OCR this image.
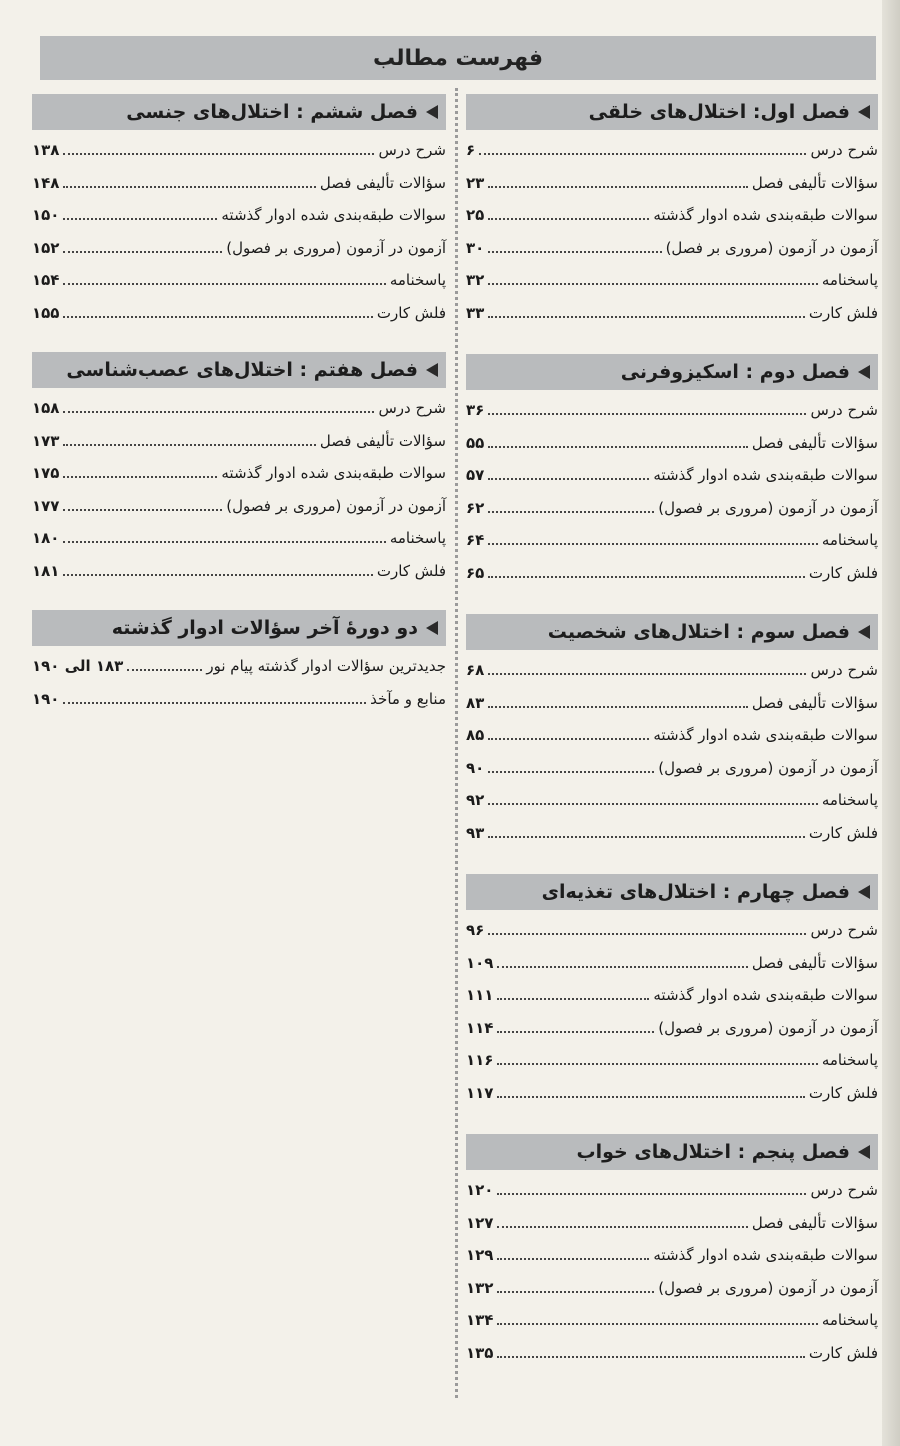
فهرست مطالب
فصل اول: اختلال‌های خلقی
شرح درس
۶
سؤالات تألیفی فصل
۲۳
سوالات طبقه‌بندی شده ادوار گذشته
۲۵
آزمون در آزمون (مروری بر فصل)
۳۰
پاسخنامه
۳۲
فلش کارت
۳۳
فصل دوم : اسکیزوفرنی
شرح درس
۳۶
سؤالات تألیفی فصل
۵۵
سوالات طبقه‌بندی شده ادوار گذشته
۵۷
آزمون در آزمون (مروری بر فصول)
۶۲
پاسخنامه
۶۴
فلش کارت
۶۵
فصل سوم : اختلال‌های شخصیت
شرح درس
۶۸
سؤالات تألیفی فصل
۸۳
سوالات طبقه‌بندی شده ادوار گذشته
۸۵
آزمون در آزمون (مروری بر فصول)
۹۰
پاسخنامه
۹۲
فلش کارت
۹۳
فصل چهارم : اختلال‌های تغذیه‌ای
شرح درس
۹۶
سؤالات تألیفی فصل
۱۰۹
سوالات طبقه‌بندی شده ادوار گذشته
۱۱۱
آزمون در آزمون (مروری بر فصول)
۱۱۴
پاسخنامه
۱۱۶
فلش کارت
۱۱۷
فصل پنجم : اختلال‌های خواب
شرح درس
۱۲۰
سؤالات تألیفی فصل
۱۲۷
سوالات طبقه‌بندی شده ادوار گذشته
۱۲۹
آزمون در آزمون (مروری بر فصول)
۱۳۲
پاسخنامه
۱۳۴
فلش کارت
۱۳۵
فصل ششم : اختلال‌های جنسی
شرح درس
۱۳۸
سؤالات تألیفی فصل
۱۴۸
سوالات طبقه‌بندی شده ادوار گذشته
۱۵۰
آزمون در آزمون (مروری بر فصول)
۱۵۲
پاسخنامه
۱۵۴
فلش کارت
۱۵۵
فصل هفتم : اختلال‌های عصب‌شناسی
شرح درس
۱۵۸
سؤالات تألیفی فصل
۱۷۳
سوالات طبقه‌بندی شده ادوار گذشته
۱۷۵
آزمون در آزمون (مروری بر فصول)
۱۷۷
پاسخنامه
۱۸۰
فلش کارت
۱۸۱
دو دورهٔ آخر سؤالات ادوار گذشته
جدیدترین سؤالات ادوار گذشته پیام نور
۱۸۳ الی ۱۹۰
منابع و مآخذ
۱۹۰
